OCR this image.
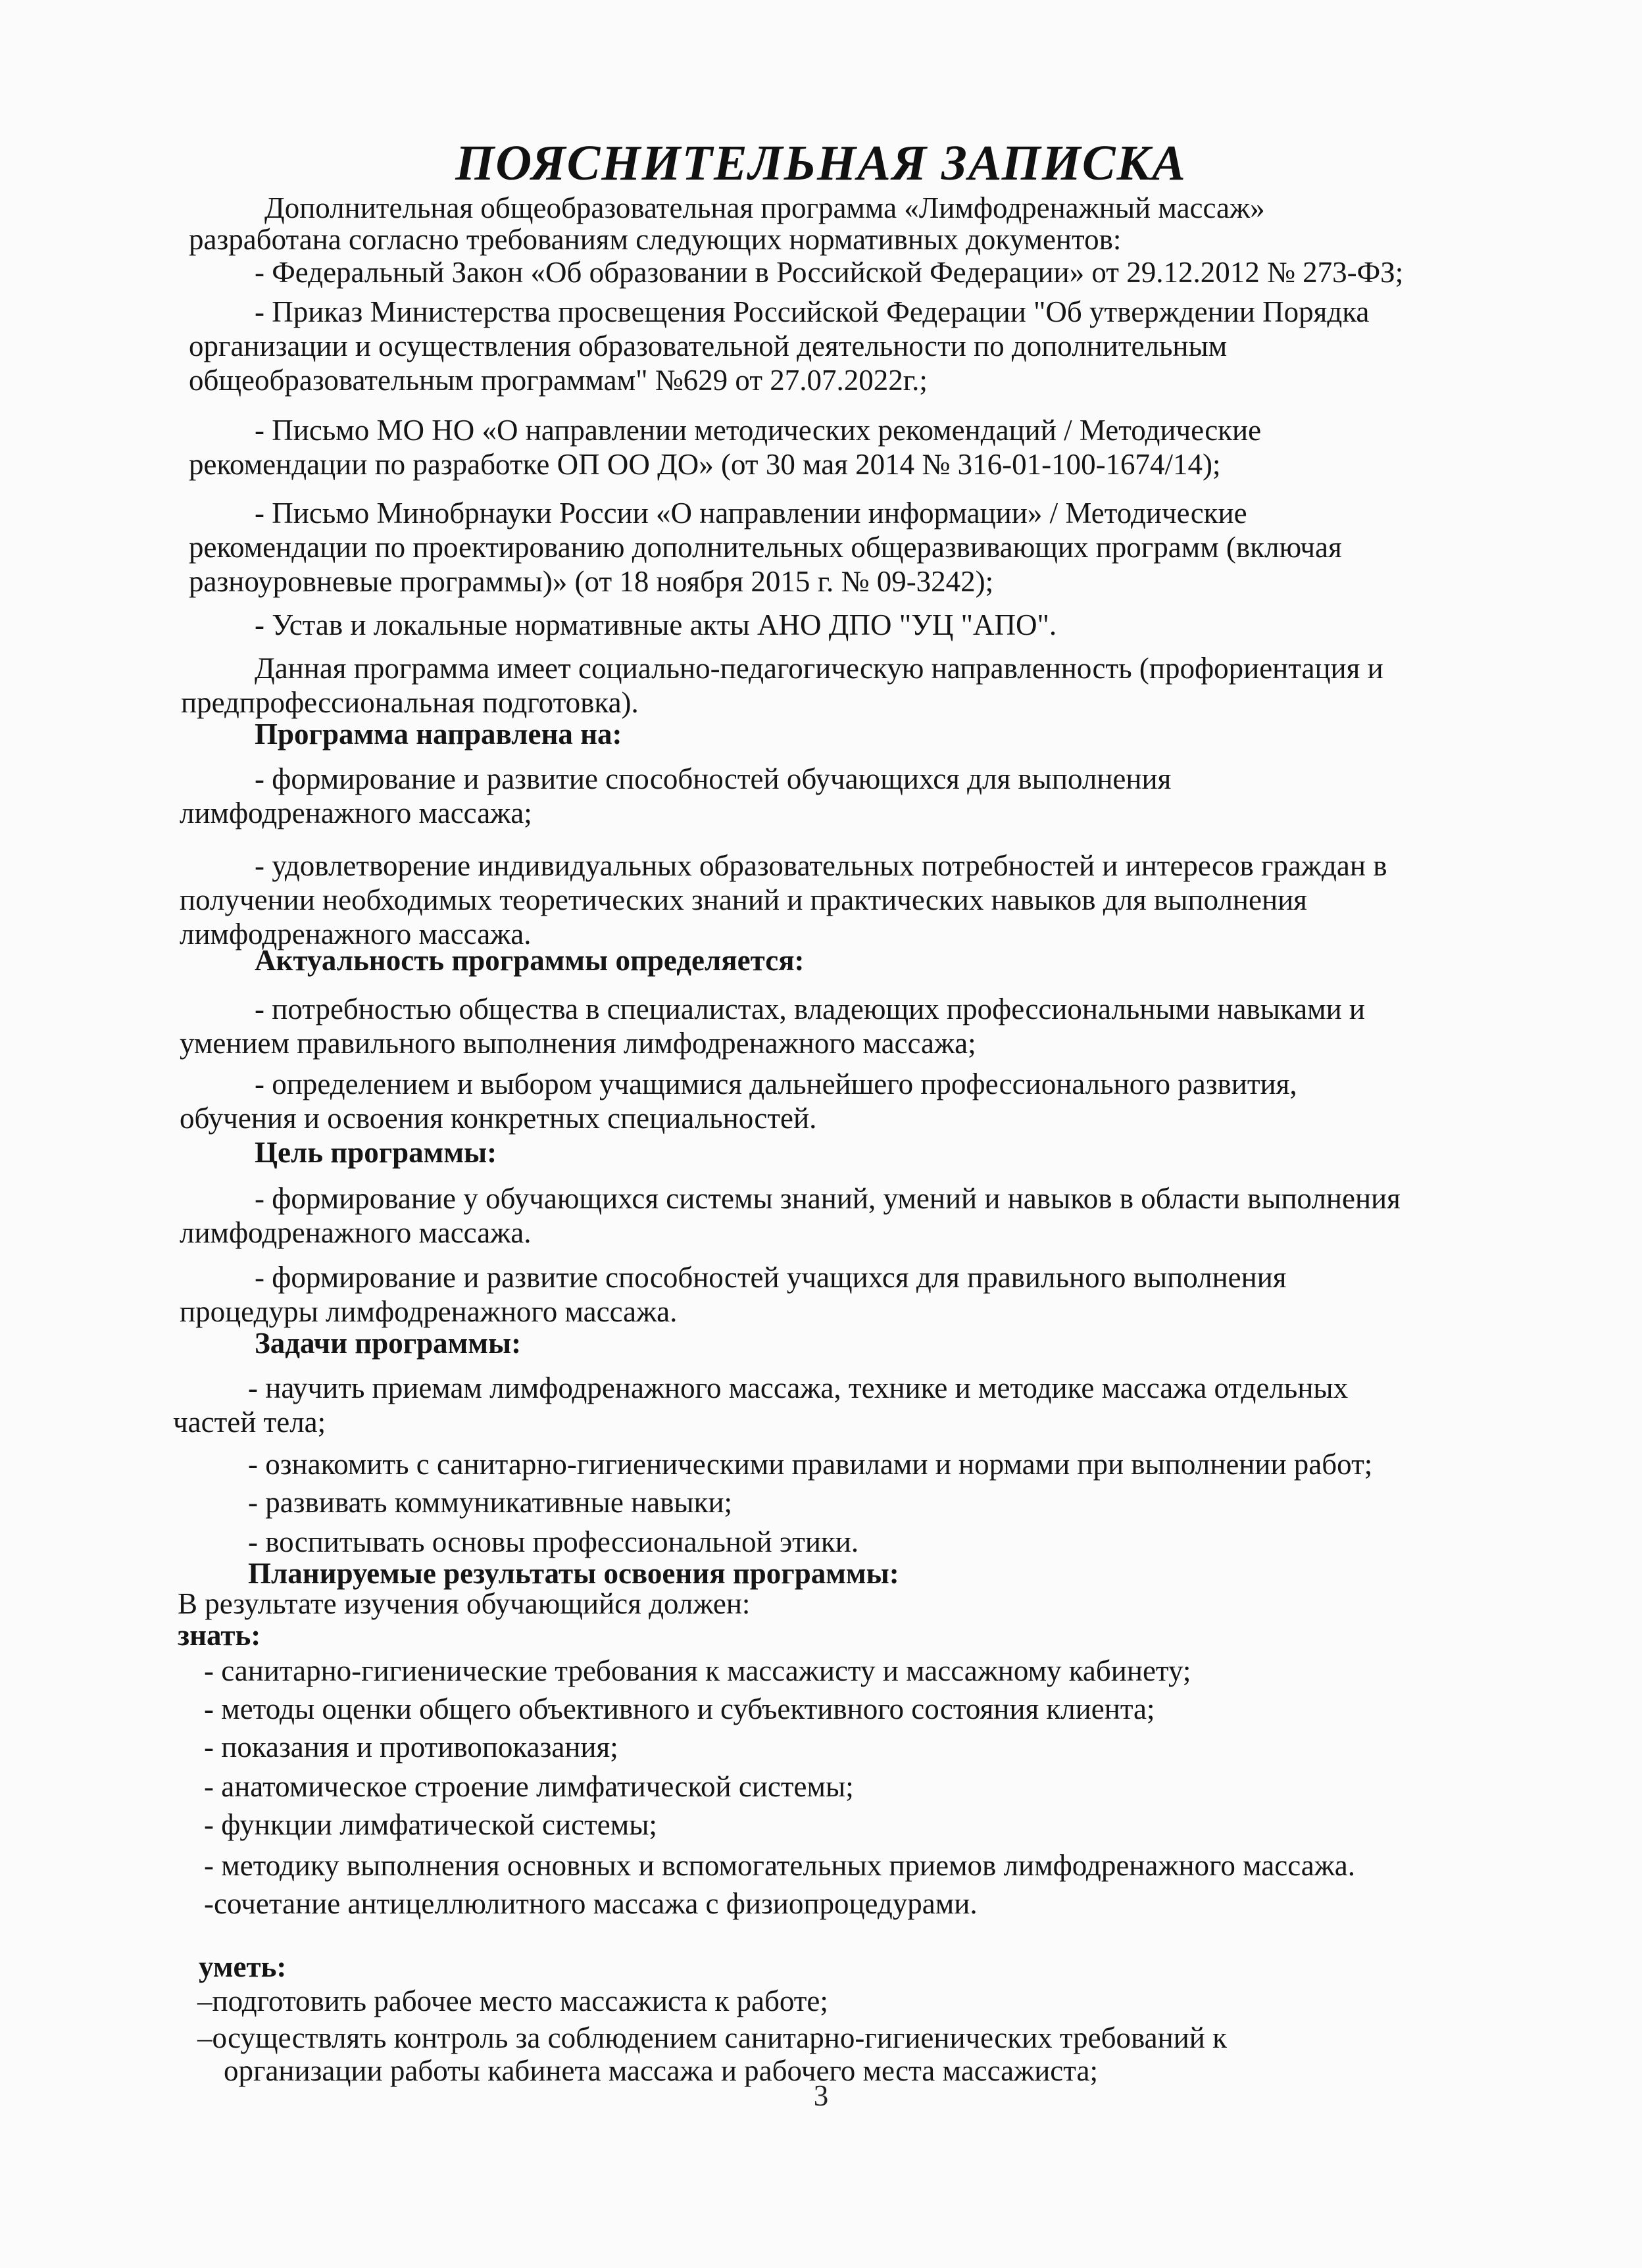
ПОЯСНИТЕЛЬНАЯ ЗАПИСКА
Дополнительная общеобразовательная программа «Лимфодренажный массаж»
разработана согласно требованиям следующих нормативных документов:
- Федеральный Закон «Об образовании в Российской Федерации» от 29.12.2012 № 273-ФЗ;
- Приказ Министерства просвещения Российской Федерации "Об утверждении Порядка
организации и осуществления образовательной деятельности по дополнительным
общеобразовательным программам" №629 от 27.07.2022г.;
- Письмо МО НО «О направлении методических рекомендаций / Методические
рекомендации по разработке ОП ОО ДО» (от 30 мая 2014 № 316-01-100-1674/14);
- Письмо Минобрнауки России «О направлении информации» / Методические
рекомендации по проектированию дополнительных общеразвивающих программ (включая
разноуровневые программы)» (от 18 ноября 2015 г. № 09-3242);
- Устав и локальные нормативные акты АНО ДПО "УЦ "АПО".
Данная программа имеет социально-педагогическую направленность (профориентация и
предпрофессиональная подготовка).
Программа направлена на:
- формирование и развитие способностей обучающихся для выполнения
лимфодренажного массажа;
- удовлетворение индивидуальных образовательных потребностей и интересов граждан в
получении необходимых теоретических знаний и практических навыков для выполнения
лимфодренажного массажа.
Актуальность программы определяется:
- потребностью общества в специалистах, владеющих профессиональными навыками и
умением правильного выполнения лимфодренажного массажа;
- определением и выбором учащимися дальнейшего профессионального развития,
обучения и освоения конкретных специальностей.
Цель программы:
- формирование у обучающихся системы знаний, умений и навыков в области выполнения
лимфодренажного массажа.
- формирование и развитие способностей учащихся для правильного выполнения
процедуры лимфодренажного массажа.
Задачи программы:
- научить приемам лимфодренажного массажа, технике и методике массажа отдельных
частей тела;
- ознакомить с санитарно-гигиеническими правилами и нормами при выполнении работ;
- развивать коммуникативные навыки;
- воспитывать основы профессиональной этики.
Планируемые результаты освоения программы:
В результате изучения обучающийся должен:
знать:
- санитарно-гигиенические требования к массажисту и массажному кабинету;
- методы оценки общего объективного и субъективного состояния клиента;
- показания и противопоказания;
- анатомическое строение лимфатической системы;
- функции лимфатической системы;
- методику выполнения основных и вспомогательных приемов лимфодренажного массажа.
-сочетание антицеллюлитного массажа с физиопроцедурами.
уметь:
–подготовить рабочее место массажиста к работе;
–осуществлять контроль за соблюдением санитарно-гигиенических требований к
организации работы кабинета массажа и рабочего места массажиста;
3
